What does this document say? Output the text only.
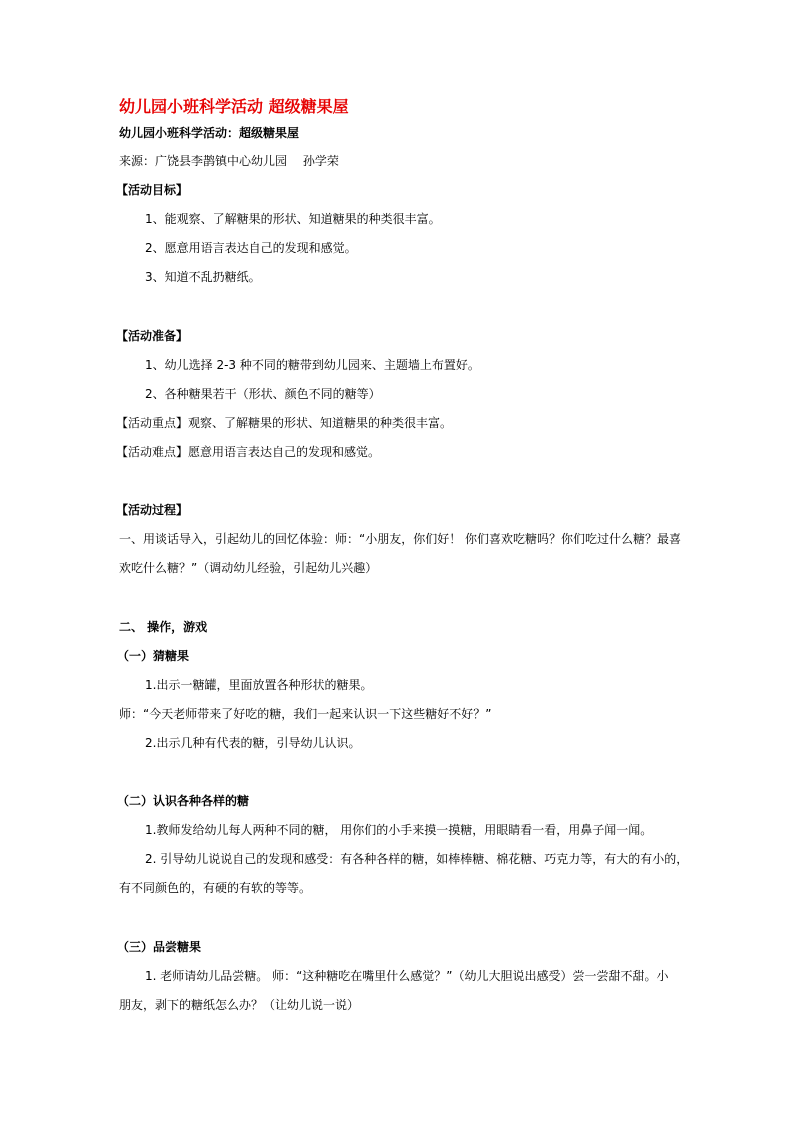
幼儿园小班科学活动 超级糖果屋
幼儿园小班科学活动：超级糖果屋
来源：广饶县李鹊镇中心幼儿园　 孙学荣
【活动目标】
1、能观察、了解糖果的形状、知道糖果的种类很丰富。
2、愿意用语言表达自己的发现和感觉。
3、知道不乱扔糖纸。
【活动准备】
1、幼儿选择 2-3 种不同的糖带到幼儿园来、主题墙上布置好。
2、各种糖果若干（形状、颜色不同的糖等）
【活动重点】观察、了解糖果的形状、知道糖果的种类很丰富。
【活动难点】愿意用语言表达自己的发现和感觉。
【活动过程】
一、用谈话导入，引起幼儿的回忆体验：师：“小朋友，你们好！ 你们喜欢吃糖吗？你们吃过什么糖？最喜
欢吃什么糖？”（调动幼儿经验，引起幼儿兴趣）
二、 操作，游戏
（一）猜糖果
1.出示一糖罐，里面放置各种形状的糖果。
师：“今天老师带来了好吃的糖，我们一起来认识一下这些糖好不好？”
2.出示几种有代表的糖，引导幼儿认识。
（二）认识各种各样的糖
1.教师发给幼儿每人两种不同的糖， 用你们的小手来摸一摸糖，用眼睛看一看，用鼻子闻一闻。
2. 引导幼儿说说自己的发现和感受：有各种各样的糖，如棒棒糖、棉花糖、巧克力等，有大的有小的，
有不同颜色的，有硬的有软的等等。
（三）品尝糖果
1. 老师请幼儿品尝糖。 师：“这种糖吃在嘴里什么感觉？”（幼儿大胆说出感受）尝一尝甜不甜。小
朋友，剥下的糖纸怎么办？（让幼儿说一说）
